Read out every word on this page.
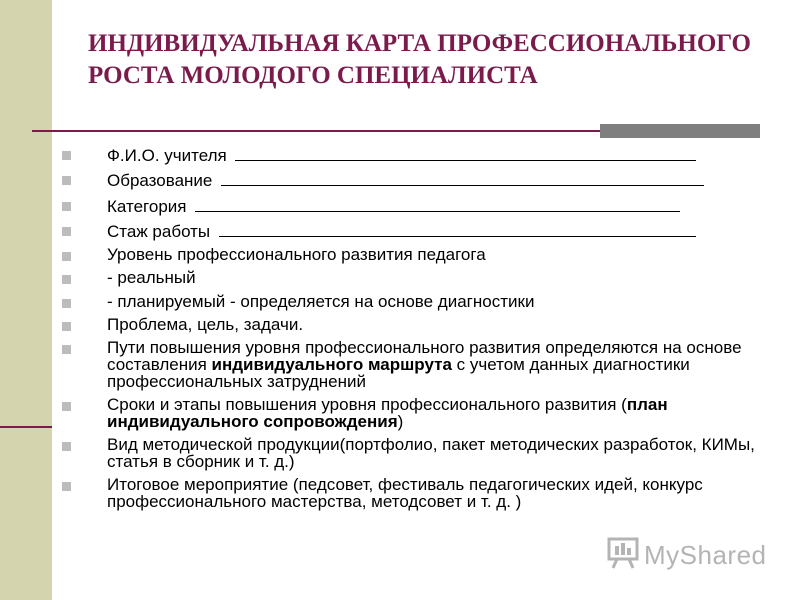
ИНДИВИДУАЛЬНАЯ КАРТА ПРОФЕССИОНАЛЬНОГО РОСТА МОЛОДОГО СПЕЦИАЛИСТА
Ф.И.О. учителя
Образование
Категория
Стаж работы
Уровень профессионального развития педагога
- реальный
- планируемый - определяется на основе диагностики
Проблема, цель, задачи.
Пути повышения уровня профессионального развития определяются на основе составления индивидуального маршрута с учетом данных диагностики профессиональных затруднений
Сроки и этапы повышения уровня профессионального развития (план индивидуального сопровождения)
Вид методической продукции(портфолио, пакет методических разработок, КИМы, статья в сборник и т. д.)
Итоговое мероприятие (педсовет, фестиваль педагогических идей, конкурс профессионального мастерства, методсовет и т. д. )
MyShared
